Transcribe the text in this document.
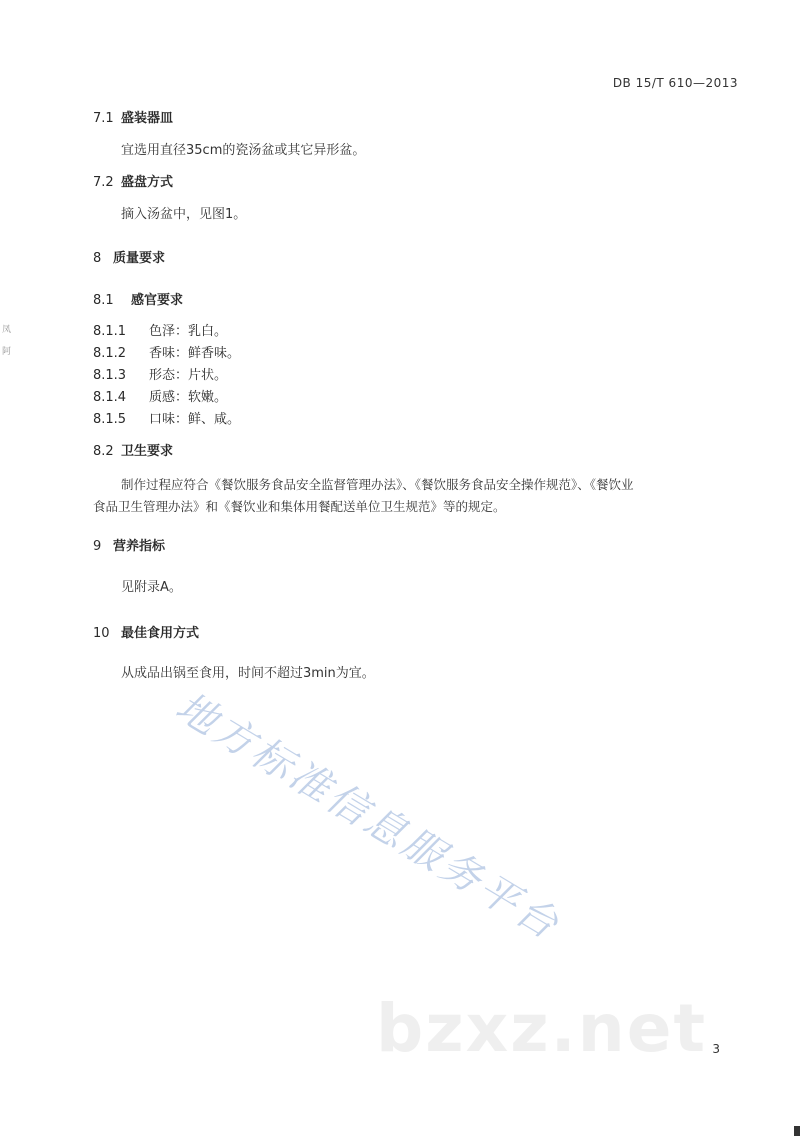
DB 15/T 610—2013
凤
阿
7.1 盛装器皿
宜选用直径35cm的瓷汤盆或其它异形盆。
7.2 盛盘方式
摘入汤盆中，见图1。
8 质量要求
8.1 感官要求
8.1.1 色泽：乳白。
8.1.2 香味：鲜香味。
8.1.3 形态：片状。
8.1.4 质感：软嫩。
8.1.5 口味：鲜、咸。
8.2 卫生要求
制作过程应符合《餐饮服务食品安全监督管理办法》、《餐饮服务食品安全操作规范》、《餐饮业
食品卫生管理办法》和《餐饮业和集体用餐配送单位卫生规范》等的规定。
9 营养指标
见附录A。
10 最佳食用方式
从成品出锅至食用，时间不超过3min为宜。
地方标准信息服务平台
bzxz.net 3
